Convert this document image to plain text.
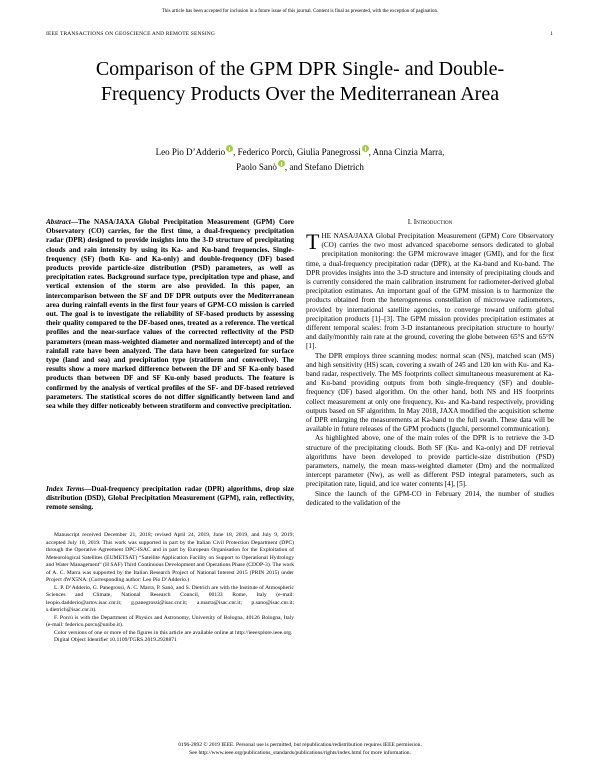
This article has been accepted for inclusion in a future issue of this journal. Content is final as presented, with the exception of pagination.
IEEE TRANSACTIONS ON GEOSCIENCE AND REMOTE SENSING	1
Comparison of the GPM DPR Single- and Double-Frequency Products Over the Mediterranean Area
Leo Pio D’Adderio , Federico Porcù, Giulia Panegrossi , Anna Cinzia Marra,
Paolo Sanò , and Stefano Dietrich
Abstract—The NASA/JAXA Global Precipitation Measurement (GPM) Core Observatory (CO) carries, for the first time, a dual-frequency precipitation radar (DPR) designed to provide insights into the 3-D structure of precipitating clouds and rain intensity by using its Ka- and Ku-band frequencies. Single-frequency (SF) (both Ku- and Ka-only) and double-frequency (DF) based products provide particle-size distribution (PSD) parameters, as well as precipitation rates. Background surface type, precipitation type and phase, and vertical extension of the storm are also provided. In this paper, an intercomparison between the SF and DF DPR outputs over the Mediterranean area during rainfall events in the first four years of GPM-CO mission is carried out. The goal is to investigate the reliability of SF-based products by assessing their quality compared to the DF-based ones, treated as a reference. The vertical profiles and the near-surface values of the corrected reflectivity of the PSD parameters (mean mass-weighted diameter and normalized intercept) and of the rainfall rate have been analyzed. The data have been categorized for surface type (land and sea) and precipitation type (stratiform and convective). The results show a more marked difference between the DF and SF Ka-only based products than between DF and SF Ku-only based products. The feature is confirmed by the analysis of vertical profiles of the SF- and DF-based retrieved parameters. The statistical scores do not differ significantly between land and sea while they differ noticeably between stratiform and convective precipitation.
Index Terms—Dual-frequency precipitation radar (DPR) algorithms, drop size distribution (DSD), Global Precipitation Measurement (GPM), rain, reflectivity, remote sensing.

Manuscript received December 21, 2018; revised April 24, 2019, June 18, 2019, and July 9, 2019; accepted July 10, 2019. This work was supported in part by the Italian Civil Protection Department (DPC) through the Operative Agreement DPC-ISAC and in part by European Organisation for the Exploitation of Meteorological Satellites (EUMETSAT) “Satellite Application Facility on Support to Operational Hydrology and Water Management” (H SAF) Third Continuous Development and Operations Phase (CDOP-3). The work of A. C. Marra was supported by the Italian Research Project of National Interest 2015 (PRIN 2015) under Project 4WX5NA. (Corresponding author: Leo Pio D’Adderio.)

L. P. D’Adderio, G. Panegrossi, A. C. Marra, P. Sanò, and S. Dietrich are with the Institute of Atmospheric Sciences and Climate, National Research Council, 00133 Rome, Italy (e-mail: leopio.dadderio@artov.isac.cnr.it; g.panegrossi@isac.cnr.it; a.marra@isac.cnr.it; p.sano@isac.cnr.it; s.dietrich@isac.cnr.it).

F. Porcù is with the Department of Physics and Astronomy, University of Bologna, 40126 Bologna, Italy (e-mail: federico.porcu@unibo.it).

Color versions of one or more of the figures in this article are available online at http://ieeexplore.ieee.org.

Digital Object Identifier 10.1109/TGRS.2019.2928871

I. Introduction

THE NASA/JAXA Global Precipitation Measurement (GPM) Core Observatory (CO) carries the two most advanced spaceborne sensors dedicated to global precipitation monitoring: the GPM microwave imager (GMI), and for the first time, a dual-frequency precipitation radar (DPR), at the Ka-band and Ku-band. The DPR provides insights into the 3-D structure and intensity of precipitating clouds and is currently considered the main calibration instrument for radiometer-derived global precipitation estimates. An important goal of the GPM mission is to harmonize the products obtained from the heterogeneous constellation of microwave radiometers, provided by international satellite agencies, to converge toward uniform global precipitation products [1]–[3]. The GPM mission provides precipitation estimates at different temporal scales: from 3-D instantaneous precipitation structure to hourly/ and daily/monthly rain rate at the ground, covering the globe between 65°S and 65°N [1].

The DPR employs three scanning modes: normal scan (NS), matched scan (MS) and high sensitivity (HS) scan, covering a swath of 245 and 120 km with Ku- and Ka-band radar, respectively. The MS footprints collect simultaneous measurement at Ka- and Ku-band providing outputs from both single-frequency (SF) and double-frequency (DF) based algorithm. On the other hand, both NS and HS footprints collect measurement at only one frequency, Ku- and Ka-band respectively, providing outputs based on SF algorithm. In May 2018, JAXA modified the acquisition scheme of DPR enlarging the measurements at Ka-band to the full swath. These data will be available in future releases of the GPM products (Iguchi, personnel communication).

As highlighted above, one of the main roles of the DPR is to retrieve the 3-D structure of the precipitating clouds. Both SF (Ku- and Ka-only) and DF retrieval algorithms have been developed to provide particle-size distribution (PSD) parameters, namely, the mean mass-weighted diameter (Dm) and the normalized intercept parameter (Nw), as well as different PSD integral parameters, such as precipitation rate, liquid, and ice water contents [4], [5].

Since the launch of the GPM-CO in February 2014, the number of studies dedicated to the validation of the

0196-2892 © 2019 IEEE. Personal use is permitted, but republication/redistribution requires IEEE permission.
See http://www.ieee.org/publications_standards/publications/rights/index.html for more information.
